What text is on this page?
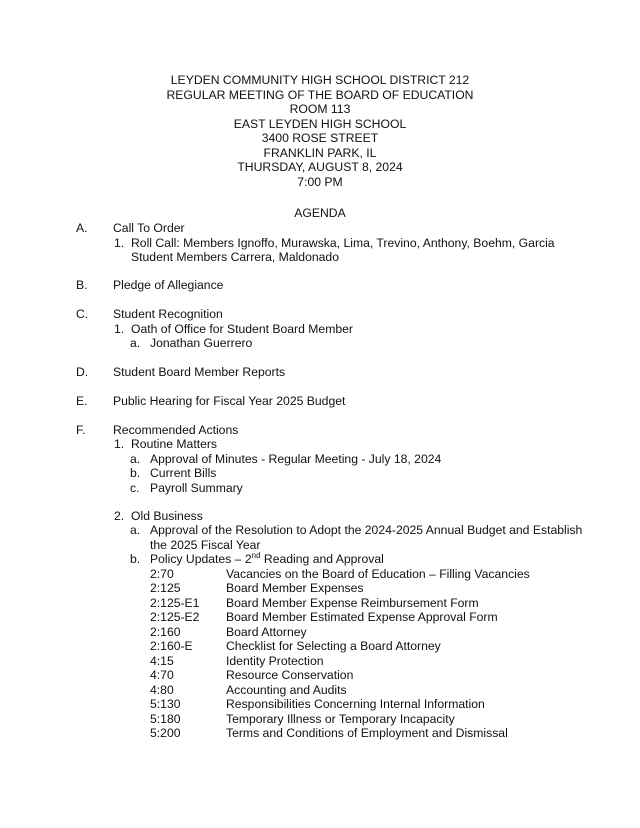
LEYDEN COMMUNITY HIGH SCHOOL DISTRICT 212
REGULAR MEETING OF THE BOARD OF EDUCATION
ROOM 113
EAST LEYDEN HIGH SCHOOL
3400 ROSE STREET
FRANKLIN PARK, IL
THURSDAY, AUGUST 8, 2024
7:00 PM
AGENDA
A. Call To Order
1. Roll Call: Members Ignoffo, Murawska, Lima, Trevino, Anthony, Boehm, Garcia
Student Members Carrera, Maldonado
B. Pledge of Allegiance
C. Student Recognition
1. Oath of Office for Student Board Member
a. Jonathan Guerrero
D. Student Board Member Reports
E. Public Hearing for Fiscal Year 2025 Budget
F. Recommended Actions
1. Routine Matters
a. Approval of Minutes - Regular Meeting - July 18, 2024
b. Current Bills
c. Payroll Summary
2. Old Business
a. Approval of the Resolution to Adopt the 2024-2025 Annual Budget and Establish
the 2025 Fiscal Year
b. Policy Updates – 2nd Reading and Approval
2:70	Vacancies on the Board of Education – Filling Vacancies
2:125	Board Member Expenses
2:125-E1 Board Member Expense Reimbursement Form
2:125-E2 Board Member Estimated Expense Approval Form
2:160	Board Attorney
2:160-E	Checklist for Selecting a Board Attorney
4:15	Identity Protection
4:70	Resource Conservation
4:80	Accounting and Audits
5:130	Responsibilities Concerning Internal Information
5:180	Temporary Illness or Temporary Incapacity
5:200	Terms and Conditions of Employment and Dismissal
